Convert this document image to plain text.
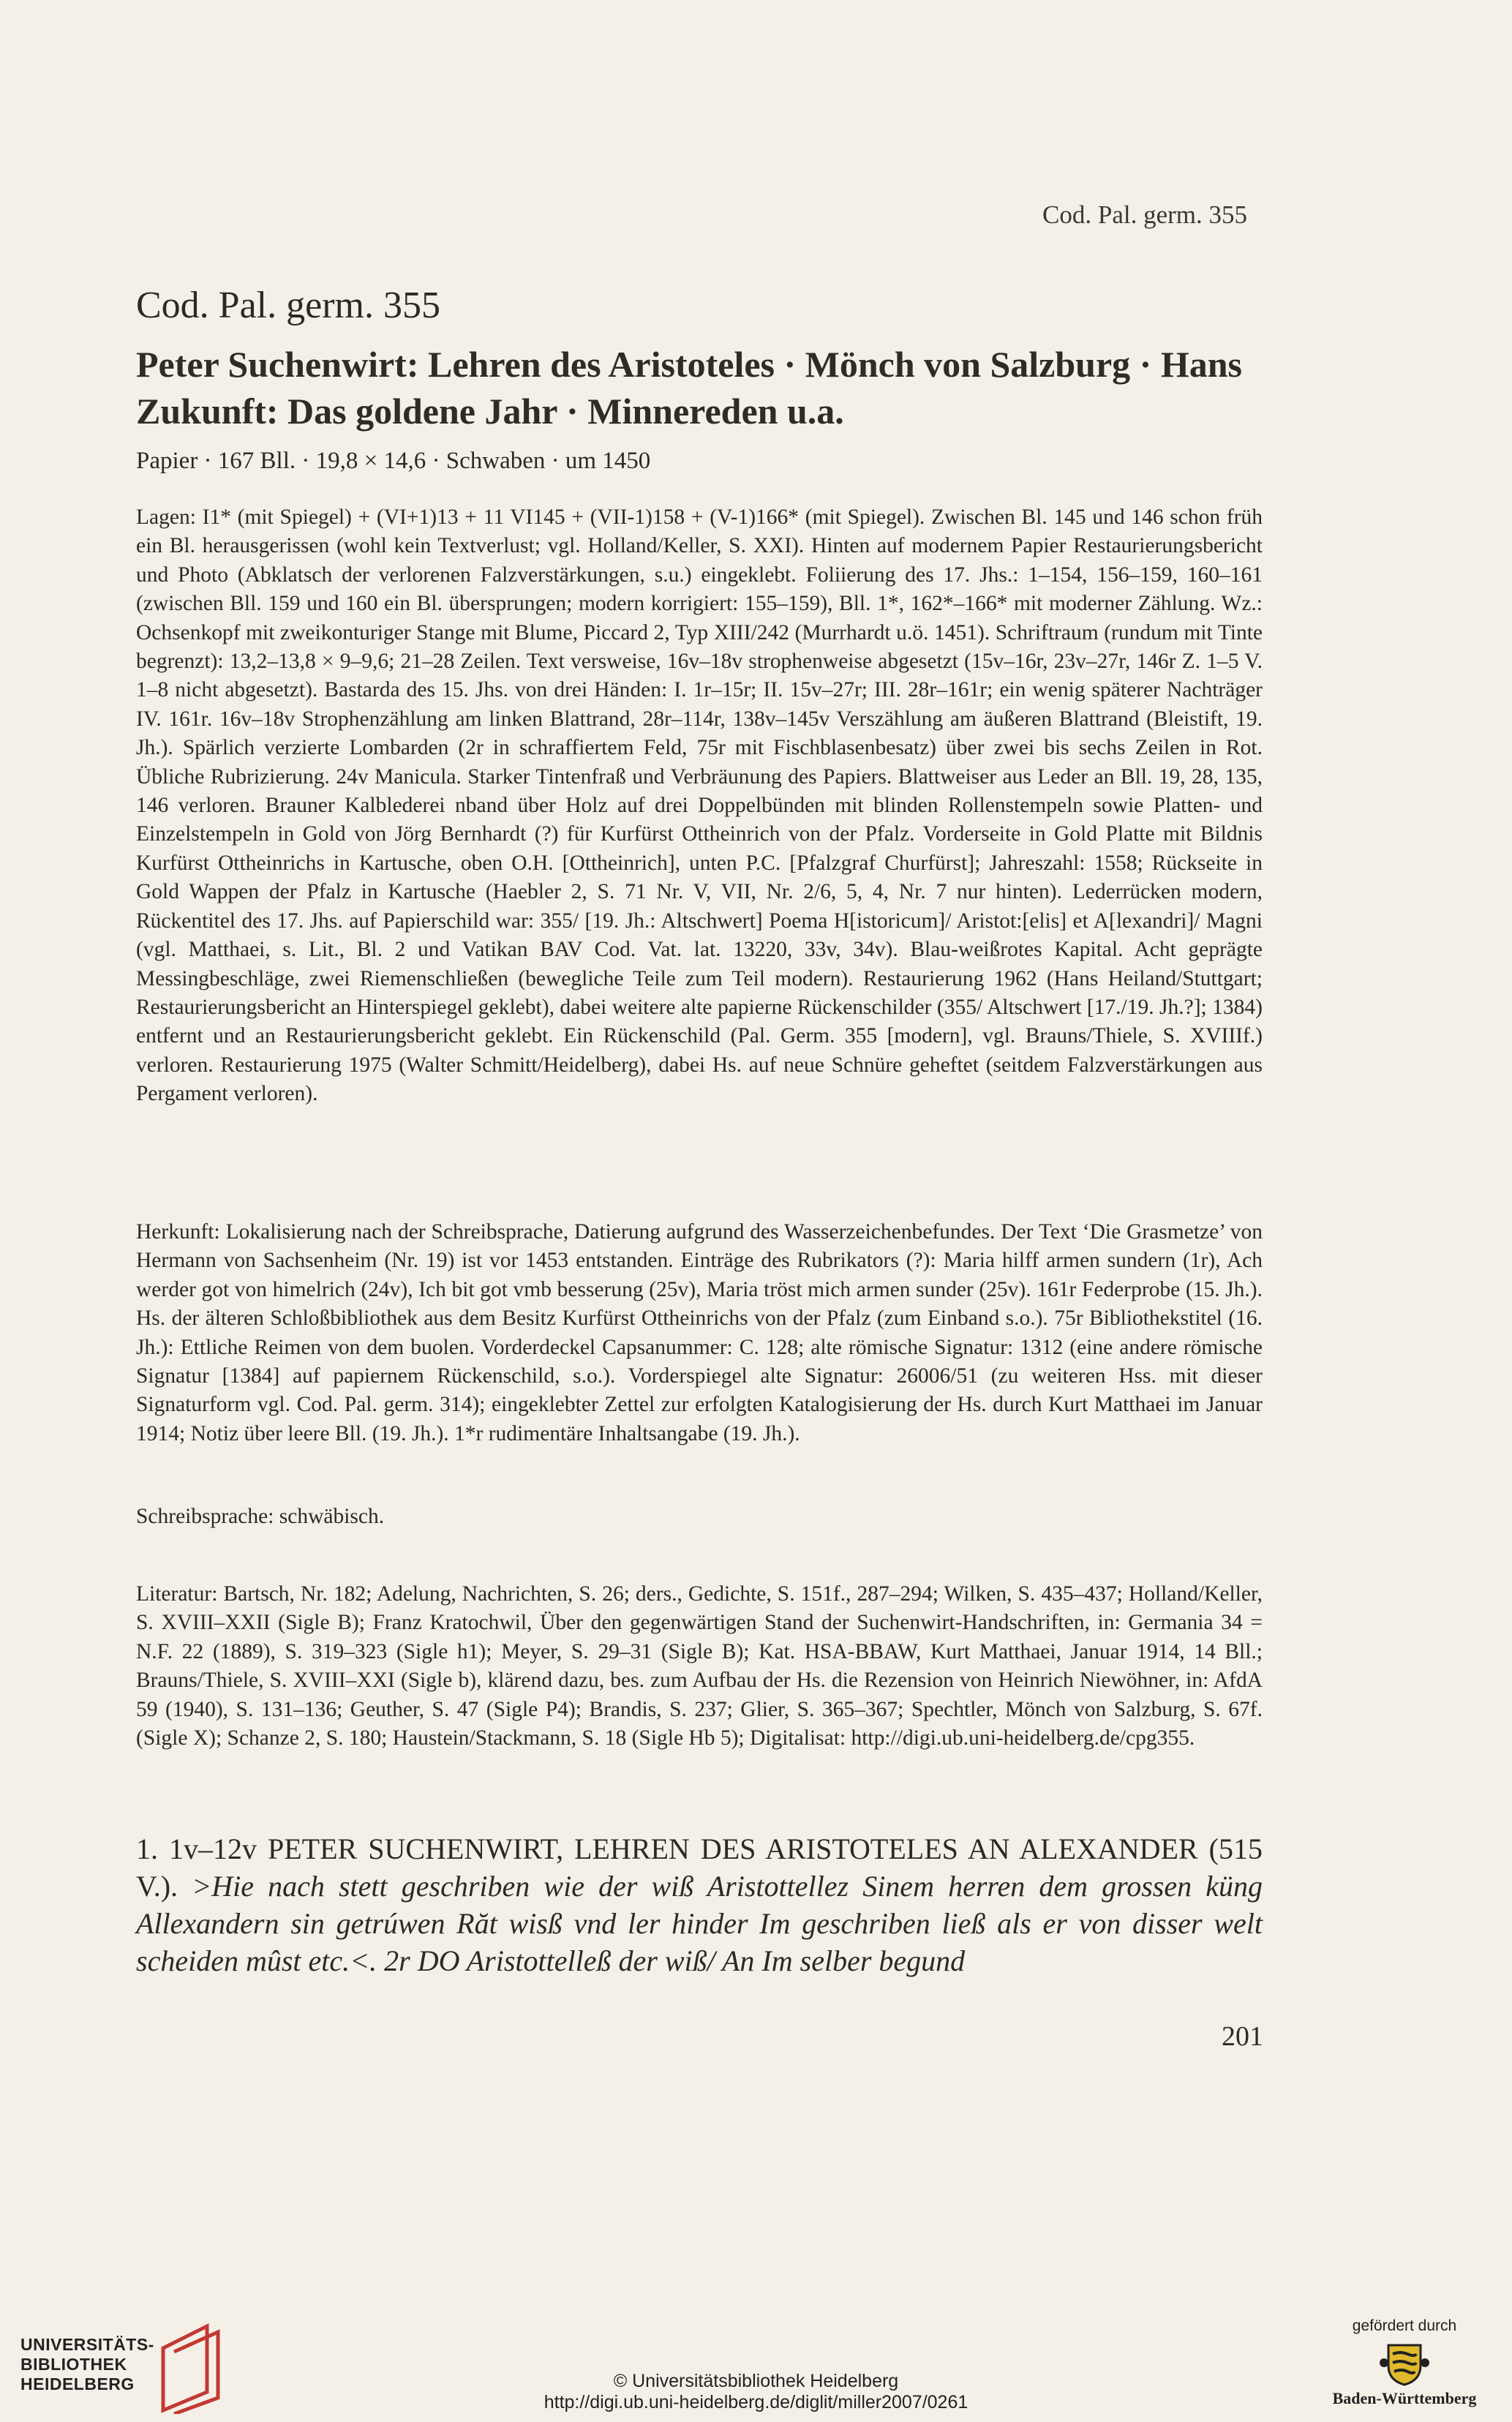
Cod. Pal. germ. 355
Cod. Pal. germ. 355
Peter Suchenwirt: Lehren des Aristoteles · Mönch von Salzburg · Hans Zukunft: Das goldene Jahr · Minnereden u.a.
Papier · 167 Bll. · 19,8 × 14,6 · Schwaben · um 1450
Lagen: I1* (mit Spiegel) + (VI+1)13 + 11 VI145 + (VII-1)158 + (V-1)166* (mit Spiegel). Zwischen Bl. 145 und 146 schon früh ein Bl. herausgerissen (wohl kein Textverlust; vgl. Holland/Keller, S. XXI). Hinten auf modernem Papier Restaurierungsbericht und Photo (Abklatsch der verlorenen Falzverstärkungen, s.u.) eingeklebt. Foliierung des 17. Jhs.: 1–154, 156–159, 160–161 (zwischen Bll. 159 und 160 ein Bl. übersprungen; modern korrigiert: 155–159), Bll. 1*, 162*–166* mit moderner Zählung. Wz.: Ochsenkopf mit zweikonturiger Stange mit Blume, Piccard 2, Typ XIII/242 (Murrhardt u.ö. 1451). Schriftraum (rundum mit Tinte begrenzt): 13,2–13,8 × 9–9,6; 21–28 Zeilen. Text versweise, 16v–18v strophenweise abgesetzt (15v–16r, 23v–27r, 146r Z. 1–5 V. 1–8 nicht abgesetzt). Bastarda des 15. Jhs. von drei Händen: I. 1r–15r; II. 15v–27r; III. 28r–161r; ein wenig späterer Nachträger IV. 161r. 16v–18v Strophenzählung am linken Blattrand, 28r–114r, 138v–145v Verszählung am äußeren Blattrand (Bleistift, 19. Jh.). Spärlich verzierte Lombarden (2r in schraffiertem Feld, 75r mit Fischblasenbesatz) über zwei bis sechs Zeilen in Rot. Übliche Rubrizierung. 24v Manicula. Starker Tintenfraß und Verbräunung des Papiers. Blattweiser aus Leder an Bll. 19, 28, 135, 146 verloren. Brauner Kalblederei nband über Holz auf drei Doppelbünden mit blinden Rollenstempeln sowie Platten- und Einzelstempeln in Gold von Jörg Bernhardt (?) für Kurfürst Ottheinrich von der Pfalz. Vorderseite in Gold Platte mit Bildnis Kurfürst Ottheinrichs in Kartusche, oben O.H. [Ottheinrich], unten P.C. [Pfalzgraf Churfürst]; Jahreszahl: 1558; Rückseite in Gold Wappen der Pfalz in Kartusche (Haebler 2, S. 71 Nr. V, VII, Nr. 2/6, 5, 4, Nr. 7 nur hinten). Lederrücken modern, Rückentitel des 17. Jhs. auf Papierschild war: 355/ [19. Jh.: Altschwert] Poema H[istoricum]/ Aristot:[elis] et A[lexandri]/ Magni (vgl. Matthaei, s. Lit., Bl. 2 und Vatikan BAV Cod. Vat. lat. 13220, 33v, 34v). Blau-weißrotes Kapital. Acht geprägte Messingbeschläge, zwei Riemenschließen (bewegliche Teile zum Teil modern). Restaurierung 1962 (Hans Heiland/Stuttgart; Restaurierungsbericht an Hinterspiegel geklebt), dabei weitere alte papierne Rückenschilder (355/ Altschwert [17./19. Jh.?]; 1384) entfernt und an Restaurierungsbericht geklebt. Ein Rückenschild (Pal. Germ. 355 [modern], vgl. Brauns/Thiele, S. XVIIIf.) verloren. Restaurierung 1975 (Walter Schmitt/Heidelberg), dabei Hs. auf neue Schnüre geheftet (seitdem Falzverstärkungen aus Pergament verloren).
Herkunft: Lokalisierung nach der Schreibsprache, Datierung aufgrund des Wasserzeichenbefundes. Der Text ‘Die Grasmetze’ von Hermann von Sachsenheim (Nr. 19) ist vor 1453 entstanden. Einträge des Rubrikators (?): Maria hilff armen sundern (1r), Ach werder got von himelrich (24v), Ich bit got vmb besserung (25v), Maria tröst mich armen sunder (25v). 161r Federprobe (15. Jh.). Hs. der älteren Schloßbibliothek aus dem Besitz Kurfürst Ottheinrichs von der Pfalz (zum Einband s.o.). 75r Bibliothekstitel (16. Jh.): Ettliche Reimen von dem buolen. Vorderdeckel Capsanummer: C. 128; alte römische Signatur: 1312 (eine andere römische Signatur [1384] auf papiernem Rückenschild, s.o.). Vorderspiegel alte Signatur: 26006/51 (zu weiteren Hss. mit dieser Signaturform vgl. Cod. Pal. germ. 314); eingeklebter Zettel zur erfolgten Katalogisierung der Hs. durch Kurt Matthaei im Januar 1914; Notiz über leere Bll. (19. Jh.). 1*r rudimentäre Inhaltsangabe (19. Jh.).
Schreibsprache: schwäbisch.
Literatur: Bartsch, Nr. 182; Adelung, Nachrichten, S. 26; ders., Gedichte, S. 151f., 287–294; Wilken, S. 435–437; Holland/Keller, S. XVIII–XXII (Sigle B); Franz Kratochwil, Über den gegenwärtigen Stand der Suchenwirt-Handschriften, in: Germania 34 = N.F. 22 (1889), S. 319–323 (Sigle h1); Meyer, S. 29–31 (Sigle B); Kat. HSA-BBAW, Kurt Matthaei, Januar 1914, 14 Bll.; Brauns/Thiele, S. XVIII–XXI (Sigle b), klärend dazu, bes. zum Aufbau der Hs. die Rezension von Heinrich Niewöhner, in: AfdA 59 (1940), S. 131–136; Geuther, S. 47 (Sigle P4); Brandis, S. 237; Glier, S. 365–367; Spechtler, Mönch von Salzburg, S. 67f. (Sigle X); Schanze 2, S. 180; Haustein/Stackmann, S. 18 (Sigle Hb 5); Digitalisat: http://digi.ub.uni-heidelberg.de/cpg355.
1. 1v–12v PETER SUCHENWIRT, LEHREN DES ARISTOTELES AN ALEXANDER (515 V.). >Hie nach stett geschriben wie der wiß Aristottellez Sinem herren dem grossen küng Allexandern sin getrúwen Răt wisß vnd ler hinder Im geschriben ließ als er von disser welt scheiden mûst etc.<. 2r DO Aristottelleß der wiß/ An Im selber begund
201
UNIVERSITÄTS-
BIBLIOTHEK
HEIDELBERG	© Universitätsbibliothek Heidelberg
http://digi.ub.uni-heidelberg.de/diglit/miller2007/0261
gefördert durch
Baden-Württemberg
